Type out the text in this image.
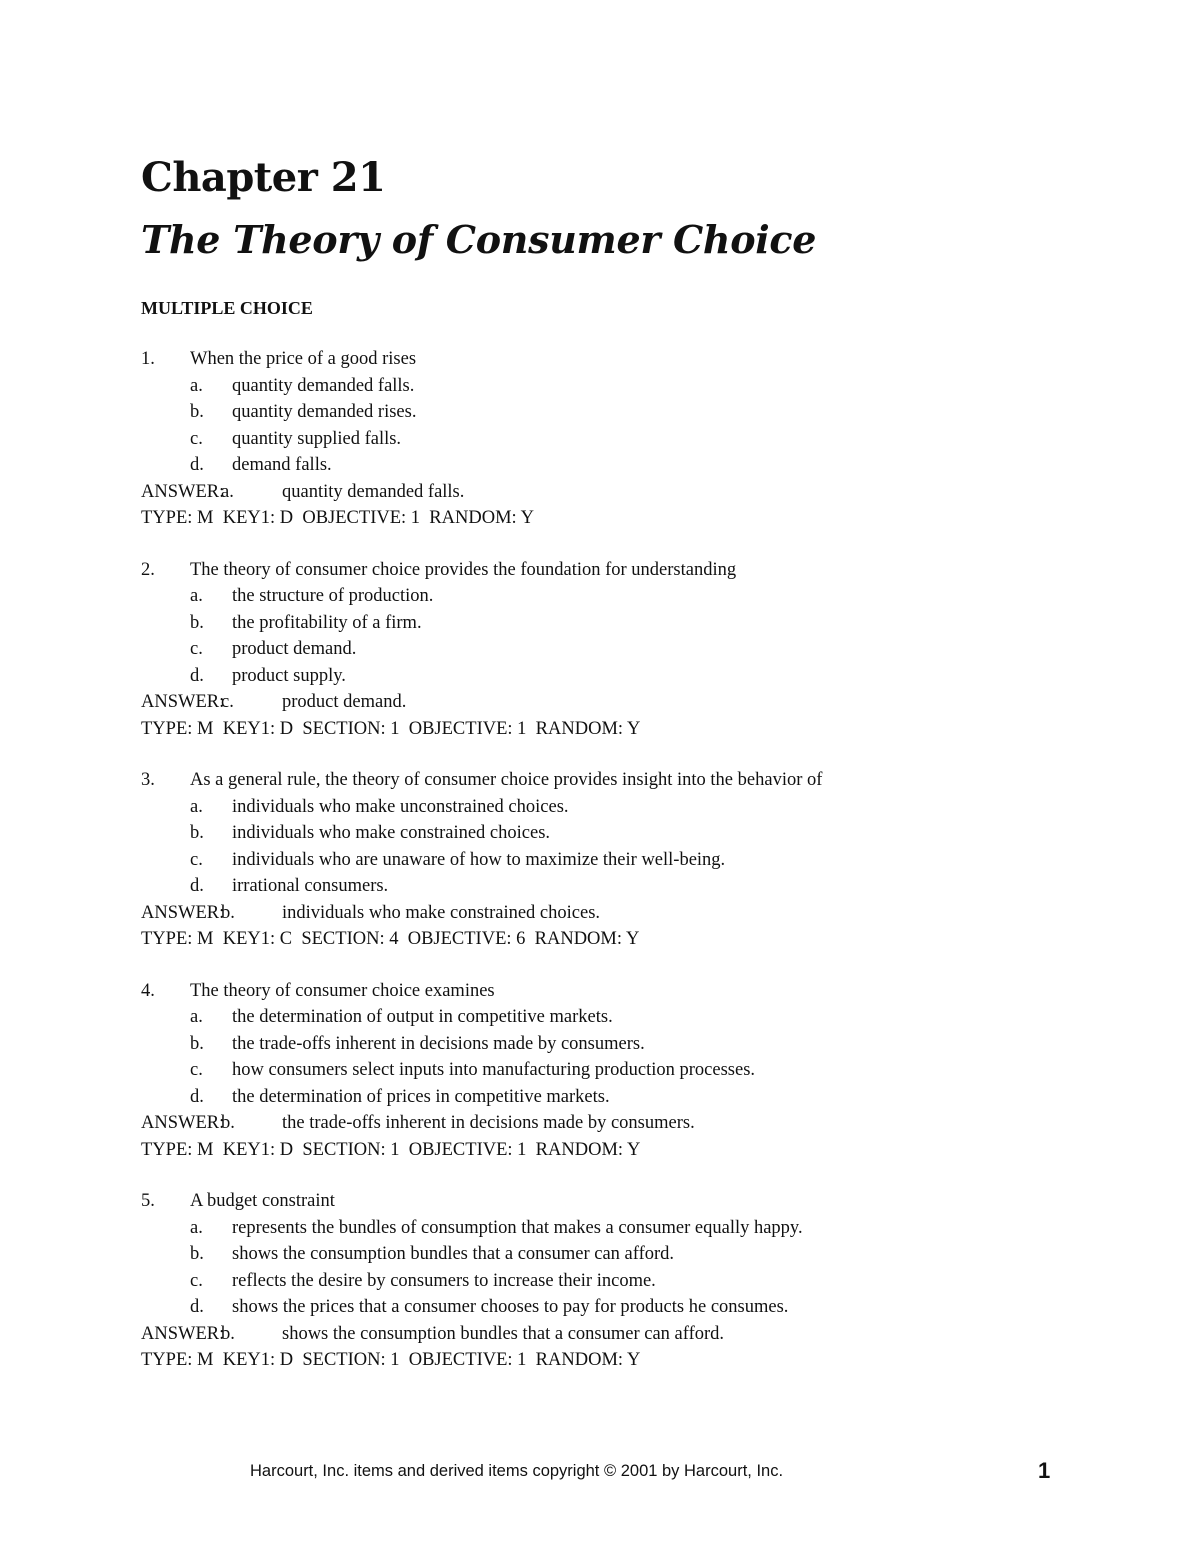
Chapter 21
The Theory of Consumer Choice
MULTIPLE CHOICE
1. When the price of a good rises
a. quantity demanded falls.
b. quantity demanded rises.
c. quantity supplied falls.
d. demand falls.
ANSWER:
a.	quantity demanded falls.
TYPE: M  KEY1: D  OBJECTIVE: 1  RANDOM: Y
2. The theory of consumer choice provides the foundation for understanding
a. the structure of production.
b. the profitability of a firm.
c. product demand.
d. product supply.
ANSWER:
c.	product demand.
TYPE: M  KEY1: D  SECTION: 1  OBJECTIVE: 1  RANDOM: Y
3. As a general rule, the theory of consumer choice provides insight into the behavior of
a. individuals who make unconstrained choices.
b. individuals who make constrained choices.
c. individuals who are unaware of how to maximize their well-being.
d. irrational consumers.
ANSWER:
b.	individuals who make constrained choices.
TYPE: M  KEY1: C  SECTION: 4  OBJECTIVE: 6  RANDOM: Y
4. The theory of consumer choice examines
a. the determination of output in competitive markets.
b. the trade-offs inherent in decisions made by consumers.
c. how consumers select inputs into manufacturing production processes.
d. the determination of prices in competitive markets.
ANSWER:
b.	the trade-offs inherent in decisions made by consumers.
TYPE: M  KEY1: D  SECTION: 1  OBJECTIVE: 1  RANDOM: Y
5. A budget constraint
a. represents the bundles of consumption that makes a consumer equally happy.
b. shows the consumption bundles that a consumer can afford.
c. reflects the desire by consumers to increase their income.
d. shows the prices that a consumer chooses to pay for products he consumes.
ANSWER:
b.	shows the consumption bundles that a consumer can afford.
TYPE: M  KEY1: D  SECTION: 1  OBJECTIVE: 1  RANDOM: Y
Harcourt, Inc. items and derived items copyright © 2001 by Harcourt, Inc.	1
